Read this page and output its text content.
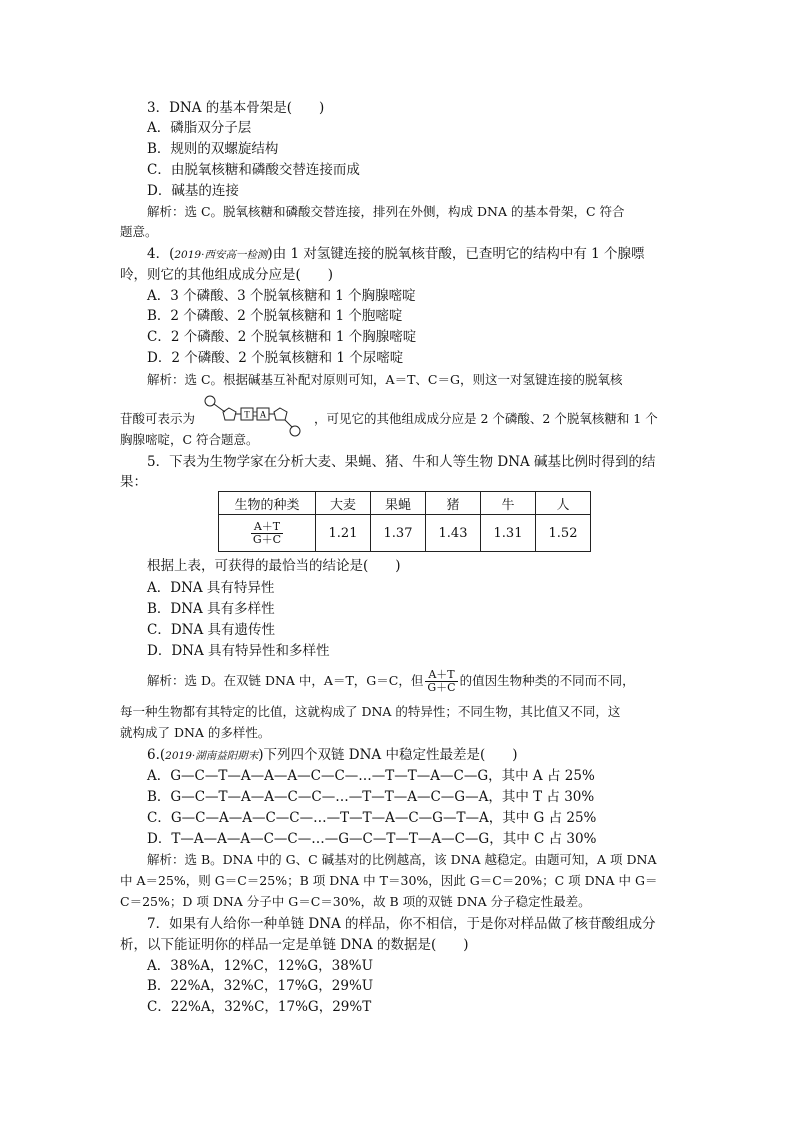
3．DNA 的基本骨架是(　　)
A．磷脂双分子层
B．规则的双螺旋结构
C．由脱氧核糖和磷酸交替连接而成
D．碱基的连接
解析：选 C。脱氧核糖和磷酸交替连接，排列在外侧，构成 DNA 的基本骨架，C 符合
题意。
4．(2019·西安高一检测)由 1 对氢键连接的脱氧核苷酸，已查明它的结构中有 1 个腺嘌
呤，则它的其他组成成分应是(　　)
A．3 个磷酸、3 个脱氧核糖和 1 个胸腺嘧啶
B．2 个磷酸、2 个脱氧核糖和 1 个胞嘧啶
C．2 个磷酸、2 个脱氧核糖和 1 个胸腺嘧啶
D．2 个磷酸、2 个脱氧核糖和 1 个尿嘧啶
解析：选 C。根据碱基互补配对原则可知，A＝T、C＝G，则这一对氢键连接的脱氧核
苷酸可表示为	T A	，可见它的其他组成成分应是 2 个磷酸、2 个脱氧核糖和 1 个
胸腺嘧啶，C 符合题意。
5．下表为生物学家在分析大麦、果蝇、猪、牛和人等生物 DNA 碱基比例时得到的结
果：
生物的种类	大麦	果蝇	猪	牛	人

$\frac{A+T}{G+C}$	1.21	1.37	1.43	1.31	1.52
根据上表，可获得的最恰当的结论是(　　)
A．DNA 具有特异性
B．DNA 具有多样性
C．DNA 具有遗传性
D．DNA 具有特异性和多样性
解析：选 D。在双链 DNA 中，A＝T，G＝C，但 $\frac{A+T}{G+C}$ 的值因生物种类的不同而不同，
每一种生物都有其特定的比值，这就构成了 DNA 的特异性；不同生物，其比值又不同，这
就构成了 DNA 的多样性。
6.(2019·湖南益阳期末)下列四个双链 DNA 中稳定性最差是(　　)
A．G—C—T—A—A—A—C—C—…—T—T—A—C—G，其中 A 占 25%
B．G—C—T—A—A—C—C—…—T—T—A—C—G—A，其中 T 占 30%
C．G—C—A—A—C—C—…—T—T—A—C—G—T—A，其中 G 占 25%
D．T—A—A—A—C—C—…—G—C—T—T—A—C—G，其中 C 占 30%
解析：选 B。DNA 中的 G、C 碱基对的比例越高，该 DNA 越稳定。由题可知，A 项 DNA
中 A＝25%，则 G＝C＝25%；B 项 DNA 中 T＝30%，因此 G＝C＝20%；C 项 DNA 中 G＝
C＝25%；D 项 DNA 分子中 G＝C＝30%，故 B 项的双链 DNA 分子稳定性最差。
7．如果有人给你一种单链 DNA 的样品，你不相信，于是你对样品做了核苷酸组成分
析，以下能证明你的样品一定是单链 DNA 的数据是(　　)
A．38%A，12%C，12%G，38%U
B．22%A，32%C，17%G，29%U
C．22%A，32%C，17%G，29%T
